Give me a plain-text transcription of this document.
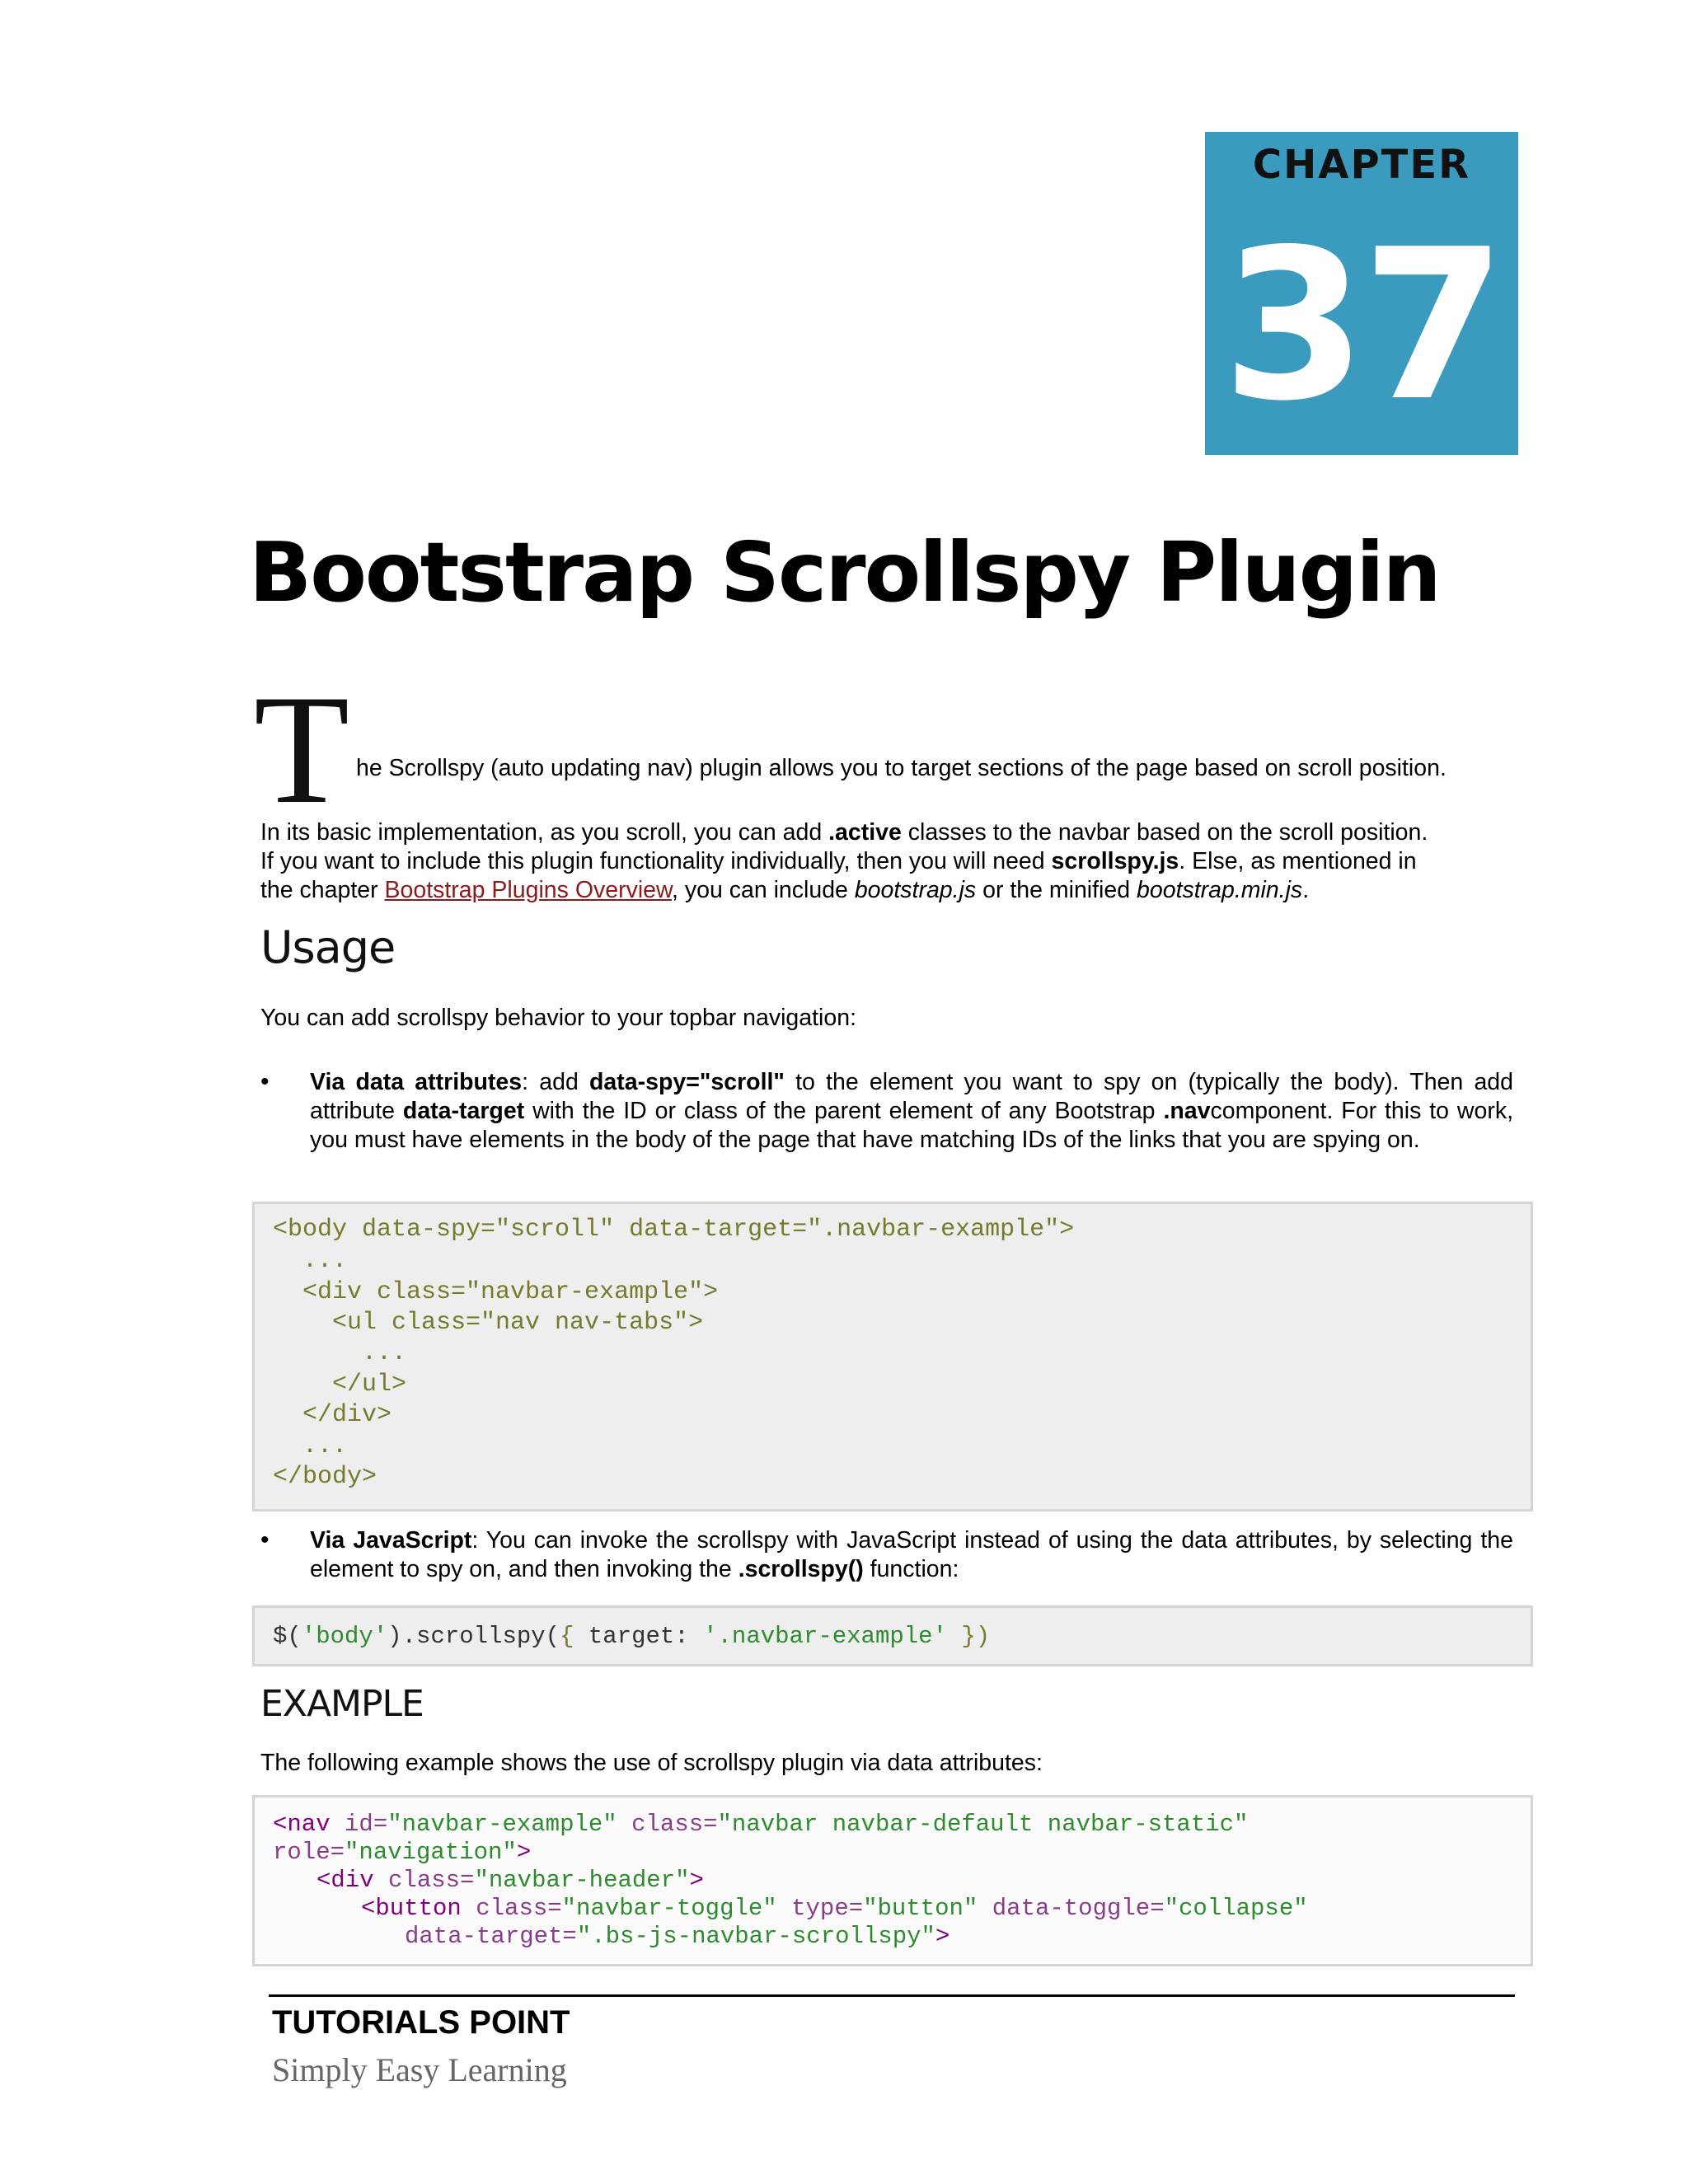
CHAPTER
37
Bootstrap Scrollspy Plugin
T he Scrollspy (auto updating nav) plugin allows you to target sections of the page based on scroll position.
In its basic implementation, as you scroll, you can add .active classes to the navbar based on the scroll position.
If you want to include this plugin functionality individually, then you will need scrollspy.js. Else, as mentioned in
the chapter Bootstrap Plugins Overview, you can include bootstrap.js or the minified bootstrap.min.js.
Usage
You can add scrollspy behavior to your topbar navigation:
• Via data attributes: add data-spy="scroll" to the element you want to spy on (typically the body). Then add attribute data-target with the ID or class of the parent element of any Bootstrap .navcomponent. For this to work, you must have elements in the body of the page that have matching IDs of the links that you are spying on.
<body data-spy="scroll" data-target=".navbar-example">
...
<div class="navbar-example">
<ul class="nav nav-tabs">
...
</ul>
</div>
...
</body>
• Via JavaScript: You can invoke the scrollspy with JavaScript instead of using the data attributes, by selecting the element to spy on, and then invoking the .scrollspy() function:
$('body').scrollspy({ target: '.navbar-example' })
EXAMPLE
The following example shows the use of scrollspy plugin via data attributes:
<nav id="navbar-example" class="navbar navbar-default navbar-static"
role="navigation">
<div class="navbar-header">
<button class="navbar-toggle" type="button" data-toggle="collapse"
data-target=".bs-js-navbar-scrollspy">
TUTORIALS POINT
Simply Easy Learning
